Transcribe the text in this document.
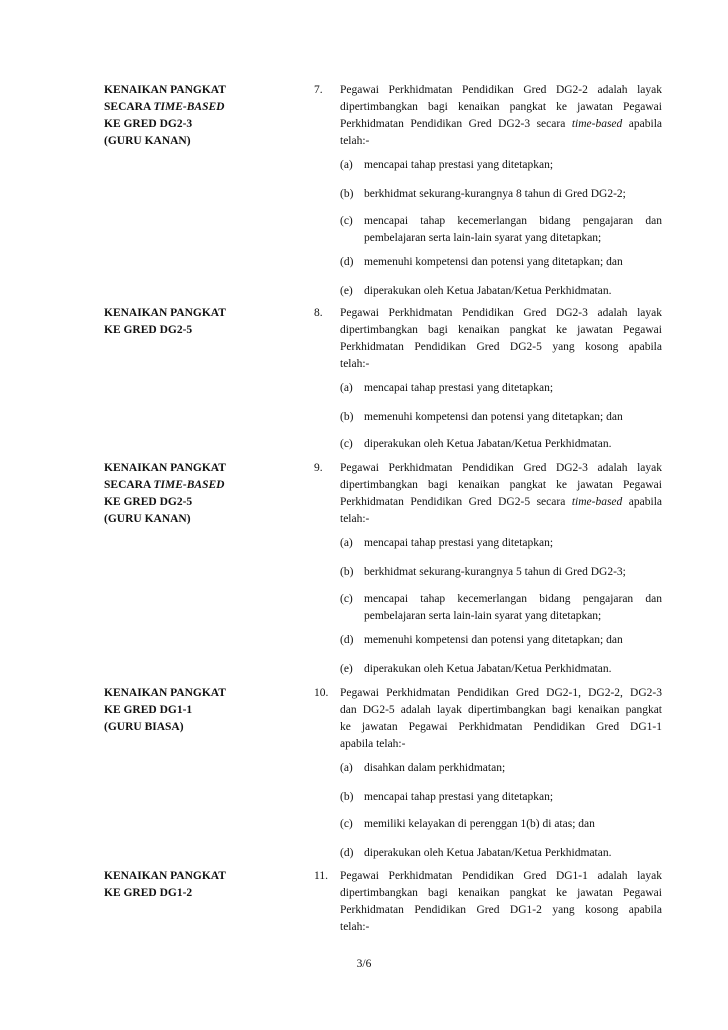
KENAIKAN PANGKAT
SECARA TIME-BASED
KE GRED DG2-3
(GURU KANAN)
7. Pegawai Perkhidmatan Pendidikan Gred DG2-2 adalah layak
dipertimbangkan bagi kenaikan pangkat ke jawatan Pegawai
Perkhidmatan Pendidikan Gred DG2-3 secara time-based apabila
telah:-
(a) mencapai tahap prestasi yang ditetapkan;
(b) berkhidmat sekurang-kurangnya 8 tahun di Gred DG2-2;
(c) mencapai tahap kecemerlangan bidang pengajaran dan
pembelajaran serta lain-lain syarat yang ditetapkan;
(d) memenuhi kompetensi dan potensi yang ditetapkan; dan
(e) diperakukan oleh Ketua Jabatan/Ketua Perkhidmatan.
KENAIKAN PANGKAT
KE GRED DG2-5
8. Pegawai Perkhidmatan Pendidikan Gred DG2-3 adalah layak
dipertimbangkan bagi kenaikan pangkat ke jawatan Pegawai
Perkhidmatan Pendidikan Gred DG2-5 yang kosong apabila
telah:-
(a) mencapai tahap prestasi yang ditetapkan;
(b) memenuhi kompetensi dan potensi yang ditetapkan; dan
(c) diperakukan oleh Ketua Jabatan/Ketua Perkhidmatan.
KENAIKAN PANGKAT
SECARA TIME-BASED
KE GRED DG2-5
(GURU KANAN)
9. Pegawai Perkhidmatan Pendidikan Gred DG2-3 adalah layak
dipertimbangkan bagi kenaikan pangkat ke jawatan Pegawai
Perkhidmatan Pendidikan Gred DG2-5 secara time-based apabila
telah:-
(a) mencapai tahap prestasi yang ditetapkan;
(b) berkhidmat sekurang-kurangnya 5 tahun di Gred DG2-3;
(c) mencapai tahap kecemerlangan bidang pengajaran dan
pembelajaran serta lain-lain syarat yang ditetapkan;
(d) memenuhi kompetensi dan potensi yang ditetapkan; dan
(e) diperakukan oleh Ketua Jabatan/Ketua Perkhidmatan.
KENAIKAN PANGKAT
KE GRED DG1-1
(GURU BIASA)
10. Pegawai Perkhidmatan Pendidikan Gred DG2-1, DG2-2, DG2-3
dan DG2-5 adalah layak dipertimbangkan bagi kenaikan pangkat
ke jawatan Pegawai Perkhidmatan Pendidikan Gred DG1-1
apabila telah:-
(a) disahkan dalam perkhidmatan;
(b) mencapai tahap prestasi yang ditetapkan;
(c) memiliki kelayakan di perenggan 1(b) di atas; dan
(d) diperakukan oleh Ketua Jabatan/Ketua Perkhidmatan.
KENAIKAN PANGKAT
KE GRED DG1-2
11. Pegawai Perkhidmatan Pendidikan Gred DG1-1 adalah layak
dipertimbangkan bagi kenaikan pangkat ke jawatan Pegawai
Perkhidmatan Pendidikan Gred DG1-2 yang kosong apabila
telah:-
3/6
